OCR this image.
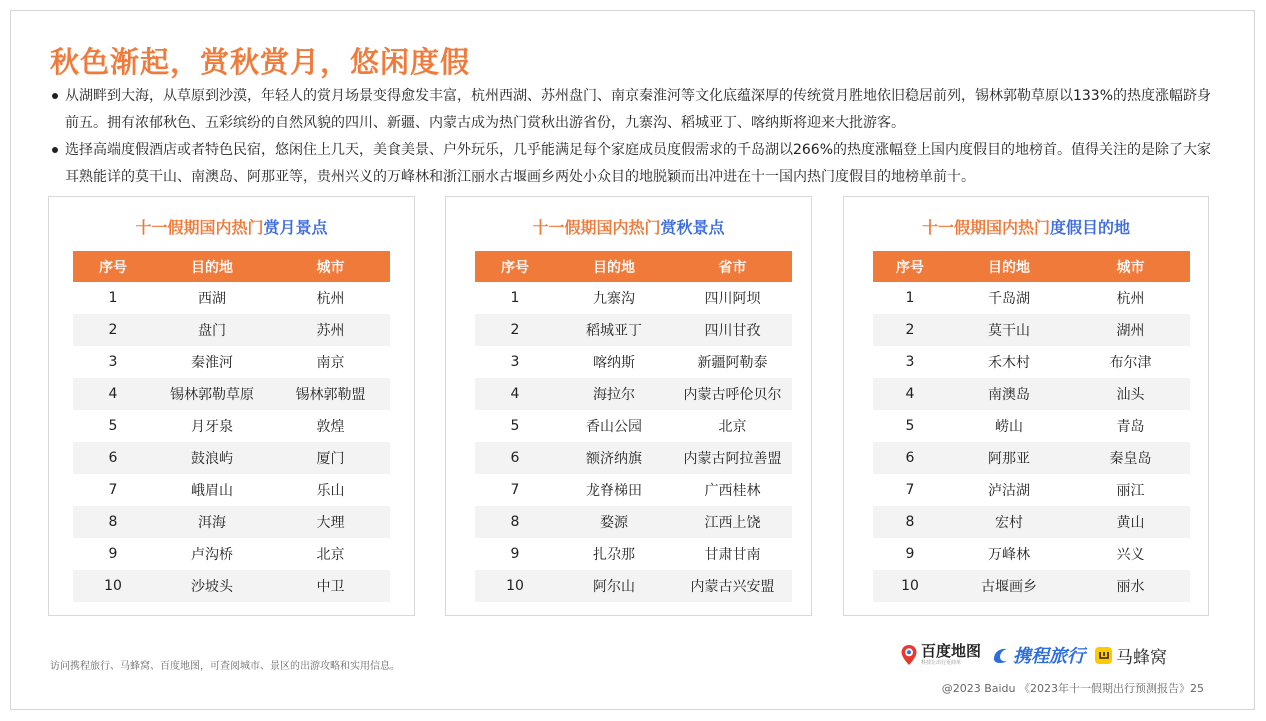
秋色渐起，赏秋赏月，悠闲度假
从湖畔到大海，从草原到沙漠，年轻人的赏月场景变得愈发丰富，杭州西湖、苏州盘门、南京秦淮河等文化底蕴深厚的传统赏月胜地依旧稳居前列，锡林郭勒草原以133%的热度涨幅跻身前五。拥有浓郁秋色、五彩缤纷的自然风貌的四川、新疆、内蒙古成为热门赏秋出游省份，九寨沟、稻城亚丁、喀纳斯将迎来大批游客。
选择高端度假酒店或者特色民宿，悠闲住上几天，美食美景、户外玩乐，几乎能满足每个家庭成员度假需求的千岛湖以266%的热度涨幅登上国内度假目的地榜首。值得关注的是除了大家耳熟能详的莫干山、南澳岛、阿那亚等，贵州兴义的万峰林和浙江丽水古堰画乡两处小众目的地脱颖而出冲进在十一国内热门度假目的地榜单前十。
十一假期国内热门赏月景点
序号	目的地	城市
1	西湖	杭州
2	盘门	苏州
3	秦淮河	南京
4	锡林郭勒草原	锡林郭勒盟
5	月牙泉	敦煌
6	鼓浪屿	厦门
7	峨眉山	乐山
8	洱海	大理
9	卢沟桥	北京
10	沙坡头	中卫
十一假期国内热门赏秋景点
序号	目的地	省市
1	九寨沟	四川阿坝
2	稻城亚丁	四川甘孜
3	喀纳斯	新疆阿勒泰
4	海拉尔	内蒙古呼伦贝尔
5	香山公园	北京
6	额济纳旗	内蒙古阿拉善盟
7	龙脊梯田	广西桂林
8	婺源	江西上饶
9	扎尕那	甘肃甘南
10	阿尔山	内蒙古兴安盟
十一假期国内热门度假目的地
序号	目的地	城市
1	千岛湖	杭州
2	莫干山	湖州
3	禾木村	布尔津
4	南澳岛	汕头
5	崂山	青岛
6	阿那亚	秦皇岛
7	泸沽湖	丽江
8	宏村	黄山
9	万峰林	兴义
10	古堰画乡	丽水
访问携程旅行、马蜂窝、百度地图，可查阅城市、景区的出游攻略和实用信息。
百度地图
科技让出行更简单	携程旅行 马蜂窝
@2023 Baidu 《2023年十一假期出行预测报告》25
